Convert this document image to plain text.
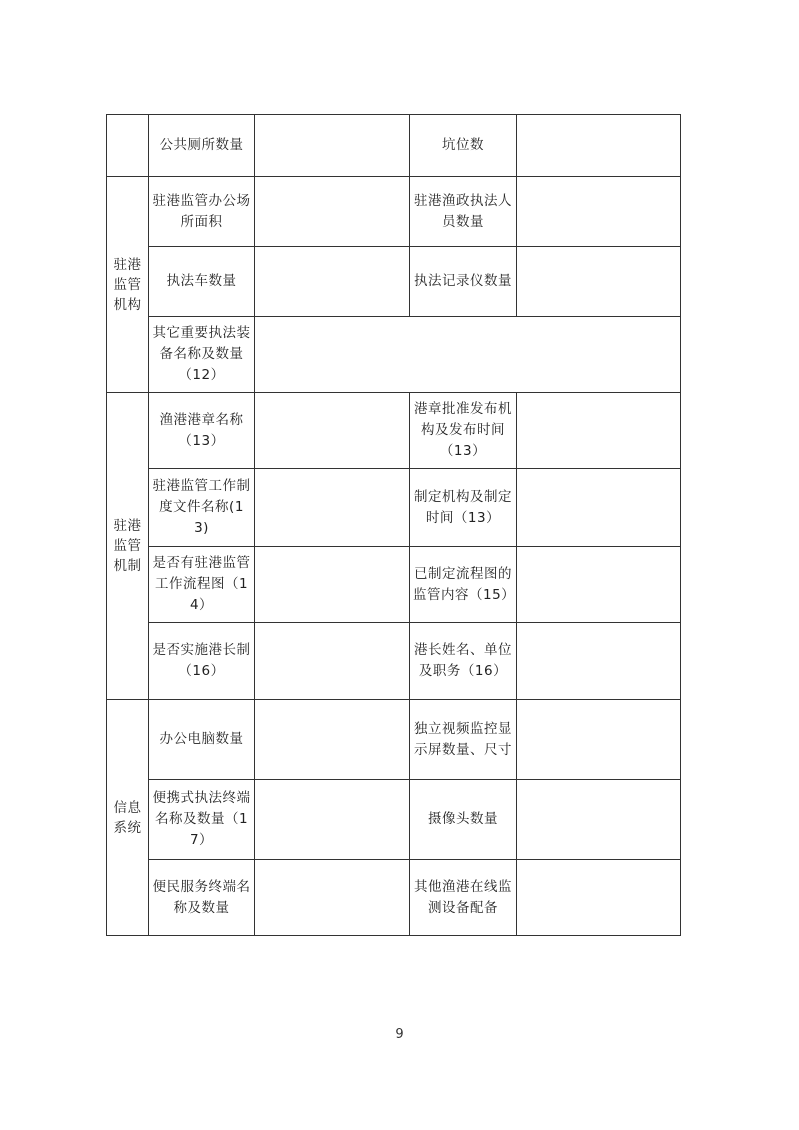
	公共厕所数量		坑位数	

驻港
监管
机构	驻港监管办公场
所面积		驻港渔政执法人
员数量	

	执法车数量		执法记录仪数量	

	其它重要执法装
备名称及数量
（12）			

驻港
监管
机制	渔港港章名称
（13）		港章批准发布机
构及发布时间
（13）	

	驻港监管工作制
度文件名称(13)		制定机构及制定
时间（13）	

	是否有驻港监管
工作流程图（14）		已制定流程图的
监管内容（15）	

	是否实施港长制
（16）		港长姓名、单位
及职务（16）	

信息
系统	办公电脑数量		独立视频监控显
示屏数量、尺寸	

	便携式执法终端
名称及数量（17）		摄像头数量	

	便民服务终端名
称及数量		其他渔港在线监
测设备配备	

9
